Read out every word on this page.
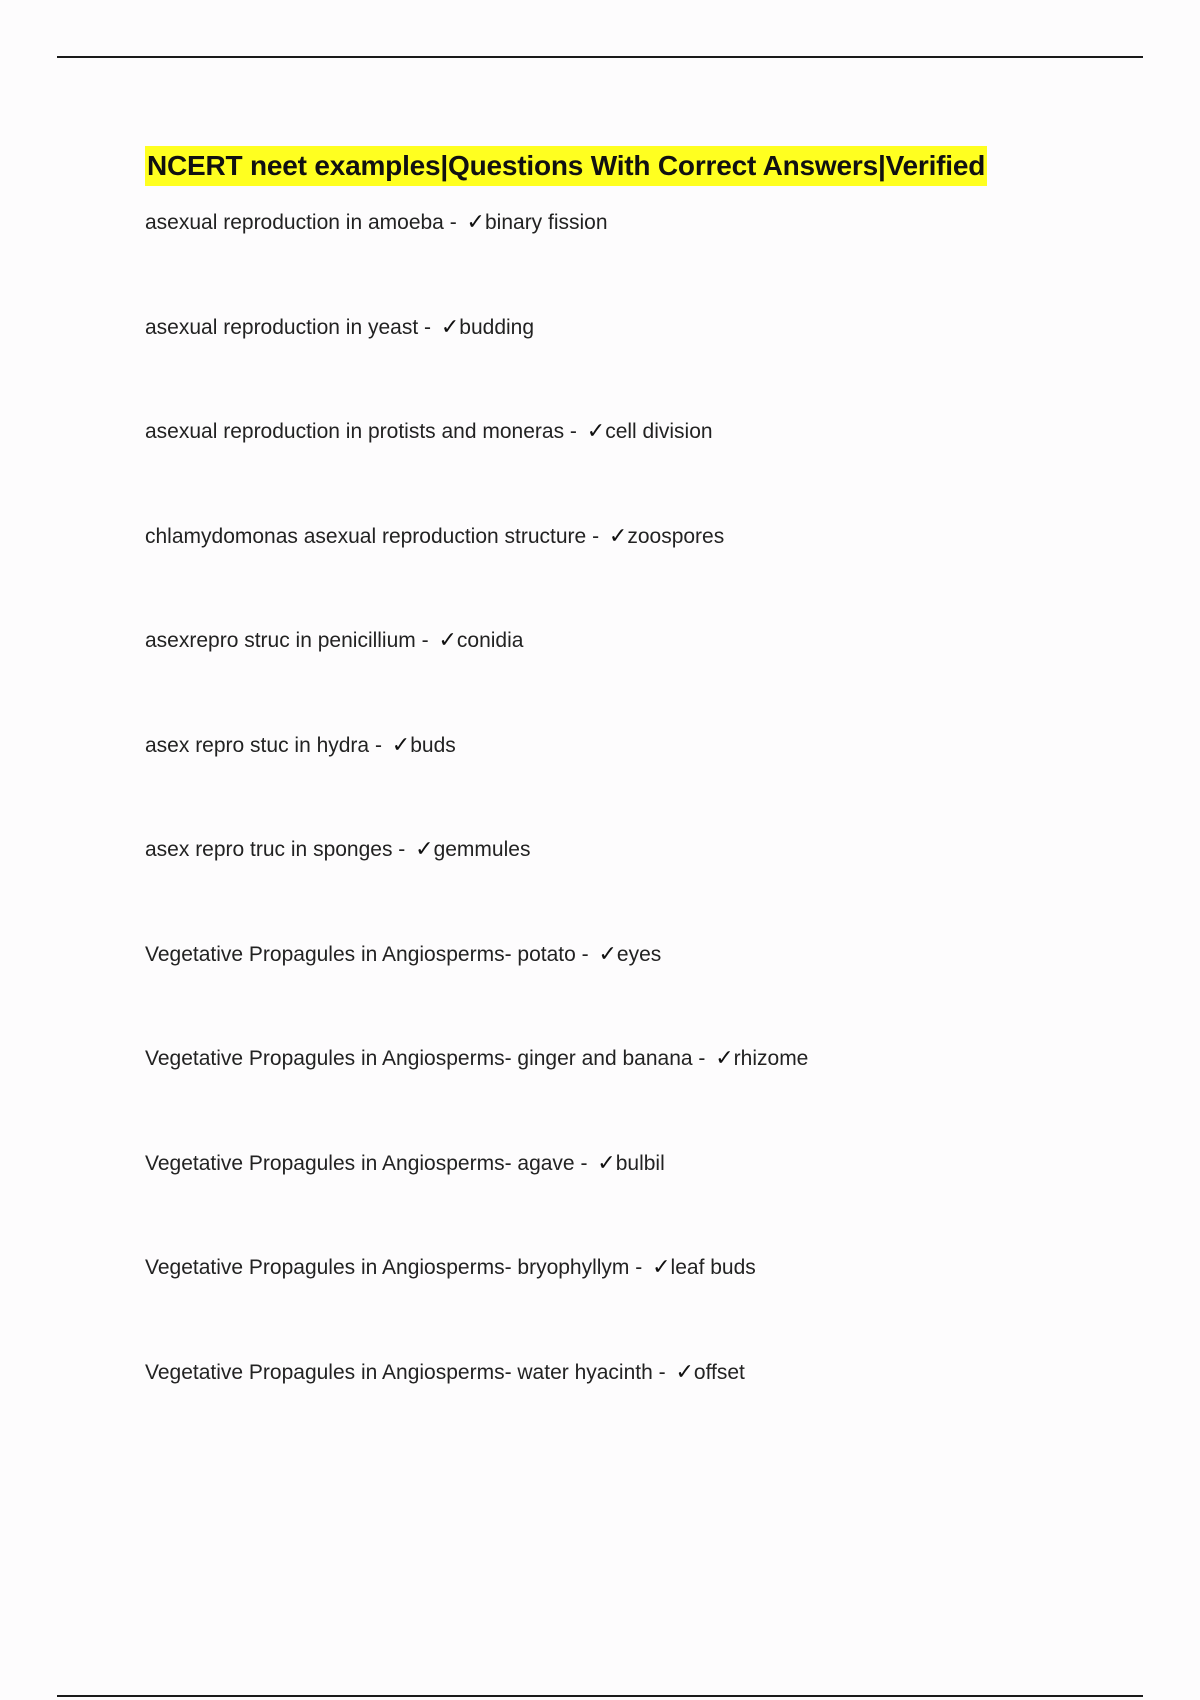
NCERT neet examples|Questions With Correct Answers|Verified
asexual reproduction in amoeba - ✓binary fission
asexual reproduction in yeast - ✓budding
asexual reproduction in protists and moneras - ✓cell division
chlamydomonas asexual reproduction structure - ✓zoospores
asexrepro struc in penicillium - ✓conidia
asex repro stuc in hydra - ✓buds
asex repro truc in sponges - ✓gemmules
Vegetative Propagules in Angiosperms- potato - ✓eyes
Vegetative Propagules in Angiosperms- ginger and banana - ✓rhizome
Vegetative Propagules in Angiosperms- agave - ✓bulbil
Vegetative Propagules in Angiosperms- bryophyllym - ✓leaf buds
Vegetative Propagules in Angiosperms- water hyacinth - ✓offset
